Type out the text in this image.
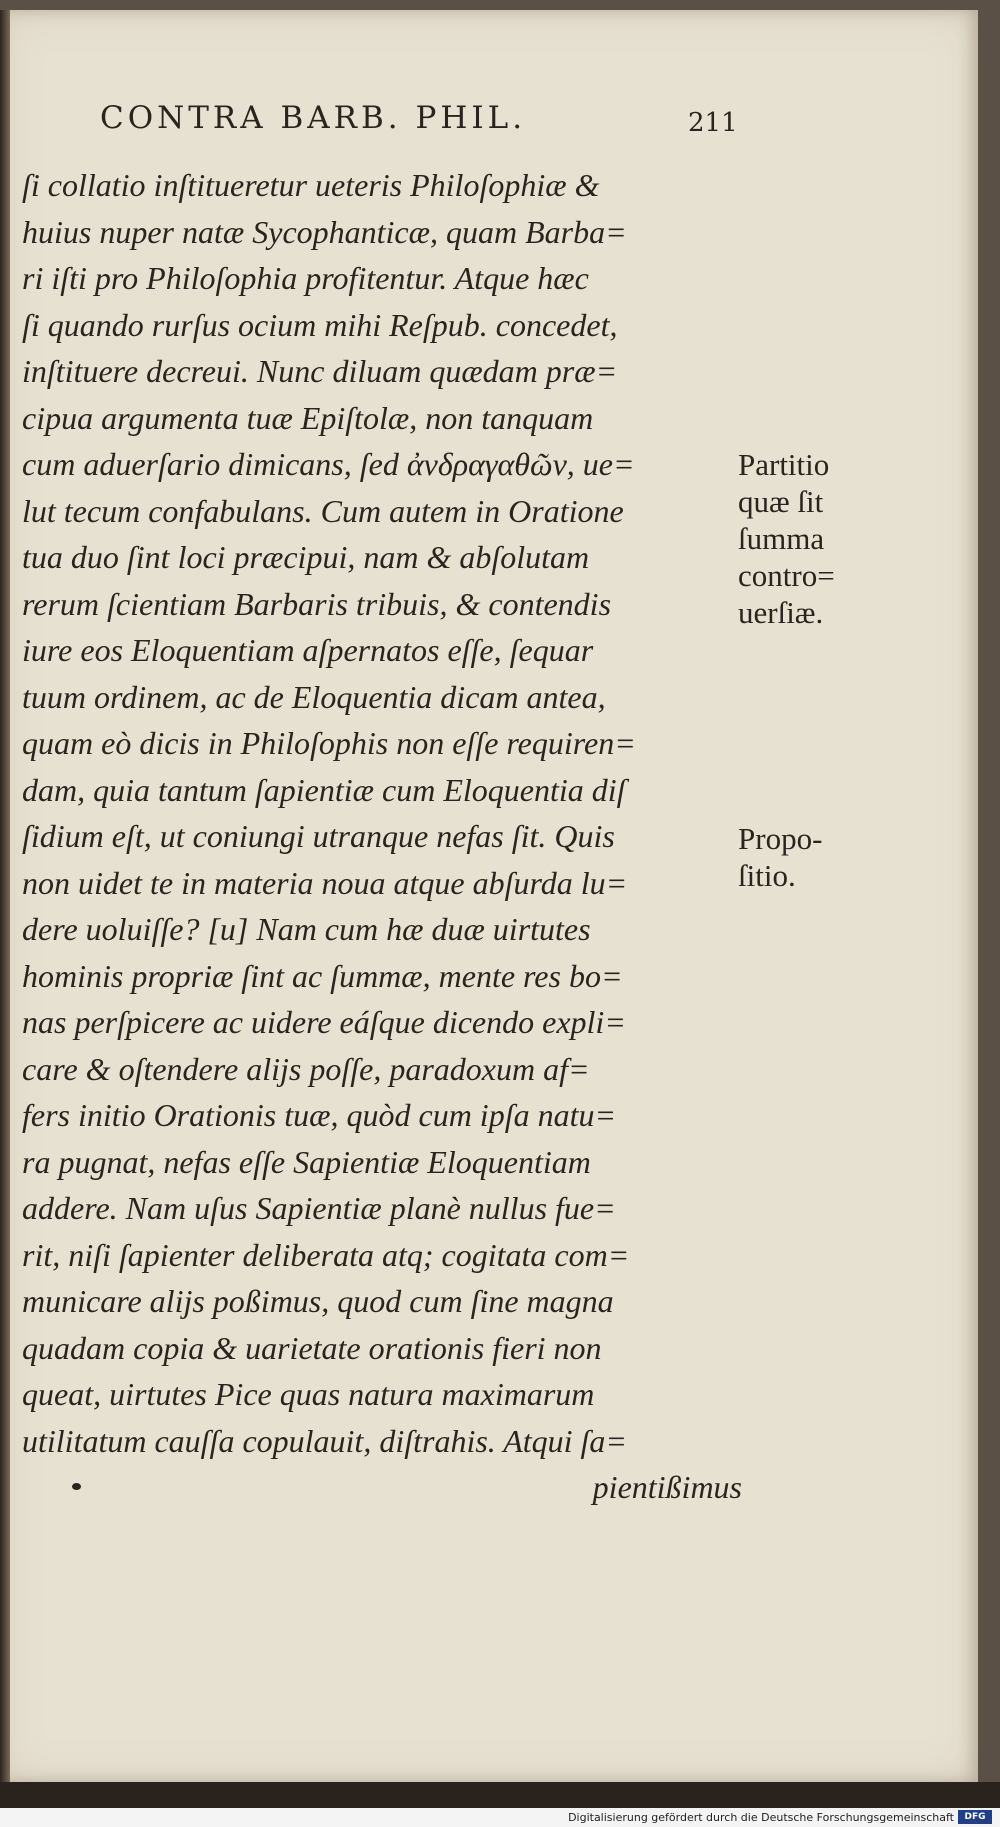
CONTRA BARB. PHIL.	211
ſi collatio inſtitueretur ueteris Philoſophiæ &
huius nuper natæ Sycophanticæ, quam Barba=
ri iſti pro Philoſophia profitentur. Atque hæc
ſi quando rurſus ocium mihi Reſpub. concedet,
inſtituere decreui. Nunc diluam quædam præ=
cipua argumenta tuæ Epiſtolæ, non tanquam
cum aduerſario dimicans, ſed ἀνδραγαθῶν, ue=
lut tecum confabulans. Cum autem in Oratione
tua duo ſint loci præcipui, nam & abſolutam
rerum ſcientiam Barbaris tribuis, & contendis
iure eos Eloquentiam aſpernatos eſſe, ſequar
tuum ordinem, ac de Eloquentia dicam antea,
quam eò dicis in Philoſophis non eſſe requiren=
dam, quia tantum ſapientiæ cum Eloquentia diſ
ſidium eſt, ut coniungi utranque nefas ſit. Quis
non uidet te in materia noua atque abſurda lu=
dere uoluiſſe? [u] Nam cum hæ duæ uirtutes
hominis propriæ ſint ac ſummæ, mente res bo=
nas perſpicere ac uidere eáſque dicendo expli=
care & oſtendere alijs poſſe, paradoxum af=
fers initio Orationis tuæ, quòd cum ipſa natu=
ra pugnat, nefas eſſe Sapientiæ Eloquentiam
addere. Nam uſus Sapientiæ planè nullus fue=
rit, niſi ſapienter deliberata atq; cogitata com=
municare alijs poßimus, quod cum ſine magna
quadam copia & uarietate orationis fieri non
queat, uirtutes Pice quas natura maximarum
utilitatum cauſſa copulauit, diſtrahis. Atqui ſa=
pientißimus
Partitio
quæ ſit
ſumma
contro=
uerſiæ.
Propo-
ſitio.
Digitalisierung gefördert durch die Deutsche Forschungsgemeinschaft	DFG
